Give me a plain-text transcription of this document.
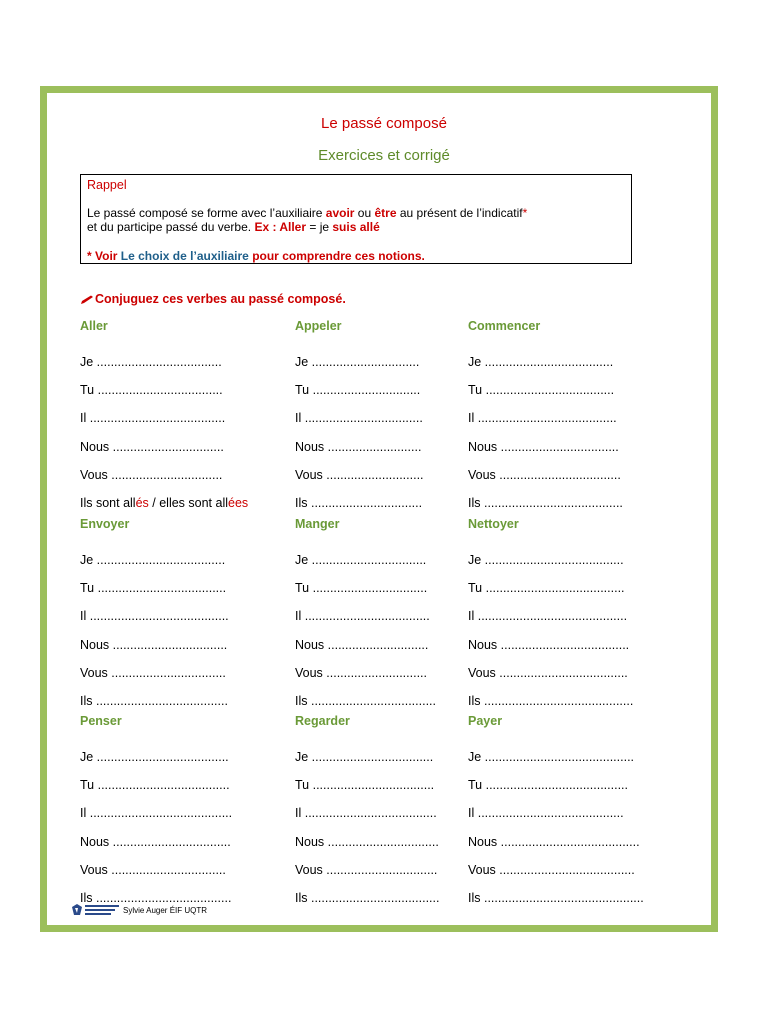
Le passé composé
Exercices et corrigé
Rappel
Le passé composé se forme avec l’auxiliaire avoir ou être au présent de l’indicatif*
et du participe passé du verbe. Ex : Aller = je suis allé
* Voir Le choix de l’auxiliaire pour comprendre ces notions.
Conjuguez ces verbes au passé composé.
Aller
Je ....................................
Tu ....................................
Il .......................................
Nous ................................
Vous ................................
Ils sont allés / elles sont allées
Appeler
Je ...............................
Tu ...............................
Il ..................................
Nous ...........................
Vous ............................
Ils ................................
Commencer
Je .....................................
Tu .....................................
Il ........................................
Nous ..................................
Vous ...................................
Ils ........................................
Envoyer
Je .....................................
Tu .....................................
Il ........................................
Nous .................................
Vous .................................
Ils ......................................
Manger
Je .................................
Tu .................................
Il ....................................
Nous .............................
Vous .............................
Ils ....................................
Nettoyer
Je ........................................
Tu ........................................
Il ...........................................
Nous .....................................
Vous .....................................
Ils ...........................................
Penser
Je ......................................
Tu ......................................
Il .........................................
Nous ..................................
Vous .................................
Ils .......................................
Regarder
Je ...................................
Tu ...................................
Il ......................................
Nous ................................
Vous ................................
Ils .....................................
Payer
Je ...........................................
Tu .........................................
Il ..........................................
Nous ........................................
Vous .......................................
Ils ..............................................
Sylvie Auger ÉIF UQTR
